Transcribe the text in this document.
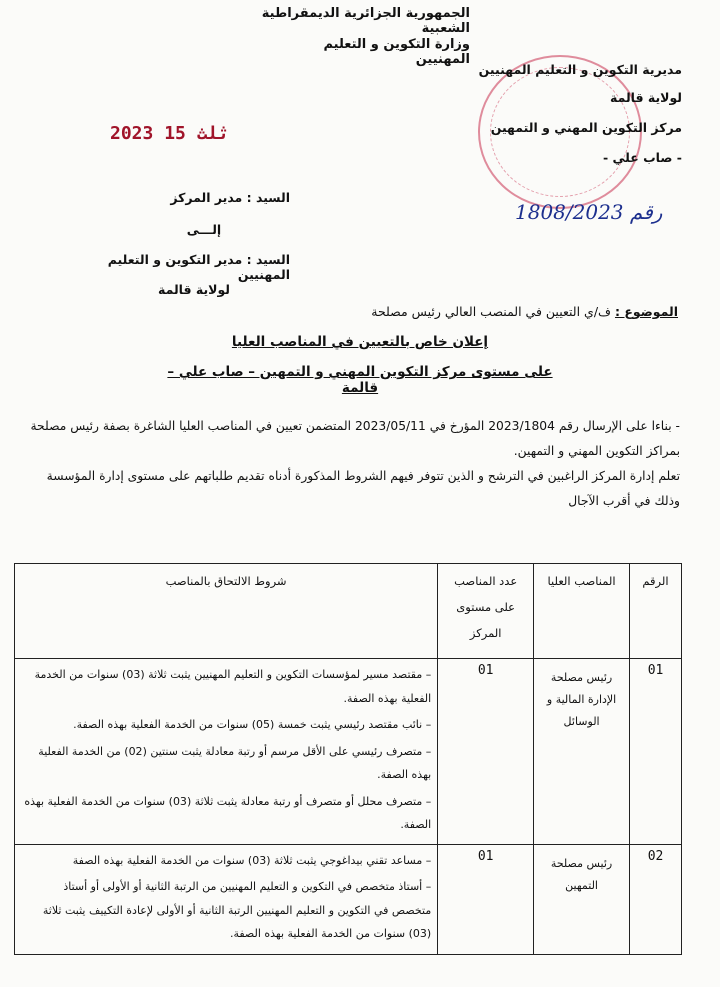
الجمهورية الجزائرية الديمقراطية الشعبية
وزارة التكوين و التعليم المهنيين
مديرية التكوين و التعليم المهنيين
لولاية قالمة
مركز التكوين المهني و التمهين
- صاب علي -
2023 ثلث 15
1808/2023 رقم
السيد : مدير المركز
إلـــى
السيد : مدير التكوين و التعليم المهنيين
لولاية قالمة
الموضوع : ف/ي التعيين في المنصب العالي رئيس مصلحة
إعلان خاص بالتعيين في المناصب العليا
على مستوى مركز التكوين المهني و التمهين – صاب علي – قالمة

- بناءا على الإرسال رقم 2023/1804 المؤرخ في 2023/05/11 المتضمن تعيين في المناصب العليا الشاغرة بصفة رئيس مصلحة بمراكز التكوين المهني و التمهين.

تعلم إدارة المركز الراغبين في الترشح و الذين تتوفر فيهم الشروط المذكورة أدناه تقديم طلباتهم على مستوى إدارة المؤسسة وذلك في أقرب الآجال

الرقم	المناصب العليا	عدد المناصب على مستوى المركز	شروط الالتحاق بالمناصب
01	رئيس مصلحة الإدارة المالية و الوسائل	01	– مقتصد مسير لمؤسسات التكوين و التعليم المهنيين يثبت ثلاثة (03) سنوات من الخدمة الفعلية بهذه الصفة.
– نائب مقتصد رئيسي يثبت خمسة (05) سنوات من الخدمة الفعلية بهذه الصفة.
– متصرف رئيسي على الأقل مرسم أو رتبة معادلة يثبت سنتين (02) من الخدمة الفعلية بهذه الصفة.
– متصرف محلل أو متصرف أو رتبة معادلة يثبت ثلاثة (03) سنوات من الخدمة الفعلية بهذه الصفة.

02	رئيس مصلحة التمهين	01	– مساعد تقني بيداغوجي يثبت ثلاثة (03) سنوات من الخدمة الفعلية بهذه الصفة
– أستاذ متخصص في التكوين و التعليم المهنيين من الرتبة الثانية أو الأولى أو أستاذ متخصص في التكوين و التعليم المهنيين الرتبة الثانية أو الأولى لإعادة التكييف يثبت ثلاثة (03) سنوات من الخدمة الفعلية بهذه الصفة.
